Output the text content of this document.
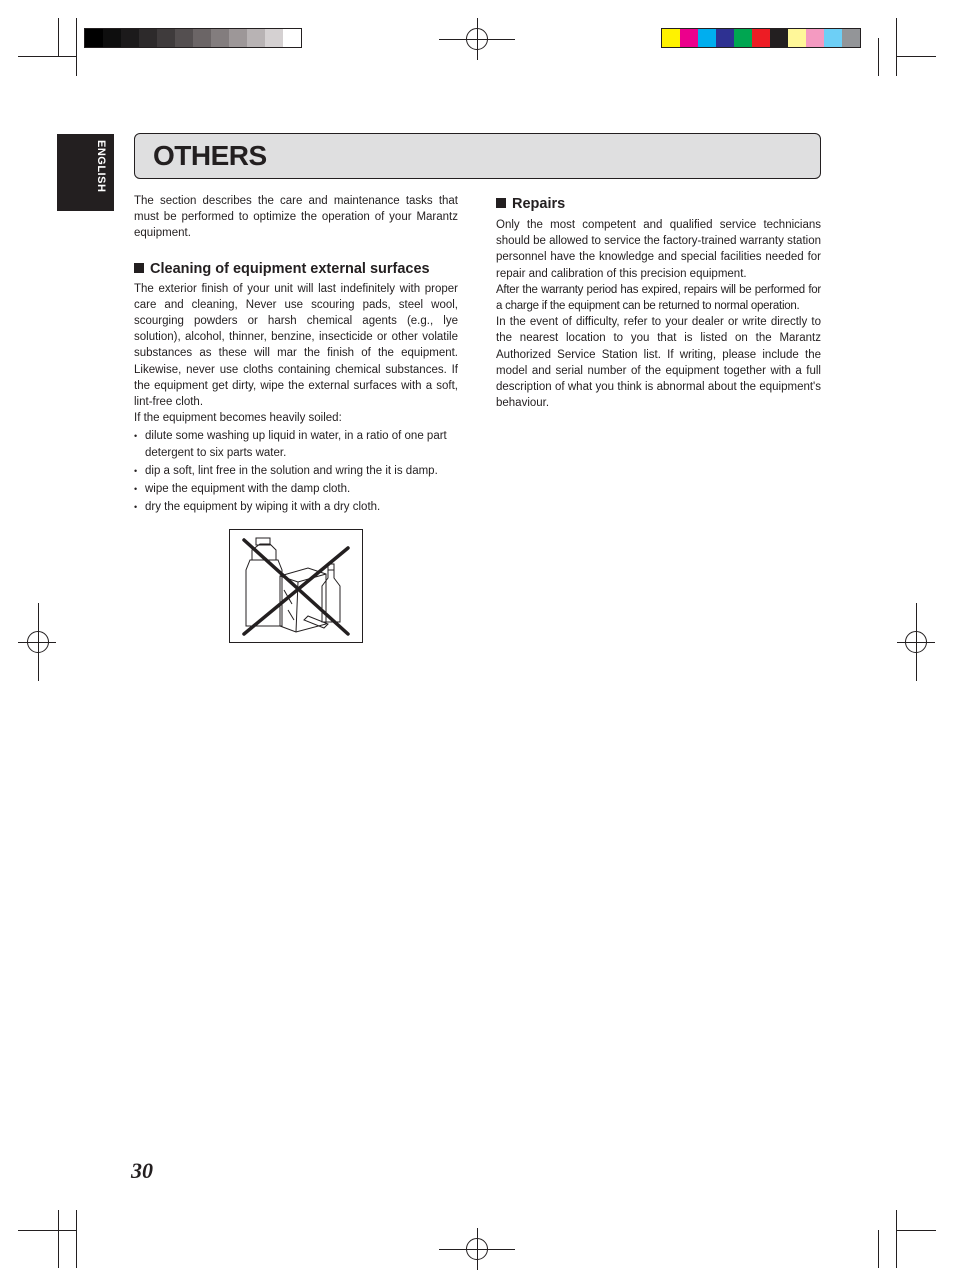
ENGLISH OTHERS

The section describes the care and maintenance tasks that must be performed to optimize the operation of your Marantz equipment.

Cleaning of equipment external surfaces

The exterior finish of your unit will last indefinitely with proper care and cleaning, Never use scouring pads, steel wool, scourging powders or harsh chemical agents (e.g., lye solution), alcohol, thinner, benzine, insecticide or other volatile substances as these will mar the finish of the equipment. Likewise, never use cloths containing chemical substances. If the equipment get dirty, wipe the external surfaces with a soft, lint-free cloth.

If the equipment becomes heavily soiled:

• dilute some washing up liquid in water, in a ratio of one part detergent to six parts water.
• dip a soft, lint free in the solution and wring the it is damp.
• wipe the equipment with the damp cloth.
• dry the equipment by wiping it with a dry cloth.
Repairs

Only the most competent and qualified service technicians should be allowed to service the factory-trained warranty station personnel have the knowledge and special facilities needed for repair and calibration of this precision equipment.

After the warranty period has expired, repairs will be performed for a charge if the equipment can be returned to normal operation.

In the event of difficulty, refer to your dealer or write directly to the nearest location to you that is listed on the Marantz Authorized Service Station list. If writing, please include the model and serial number of the equipment together with a full description of what you think is abnormal about the equipment's behaviour.

30
